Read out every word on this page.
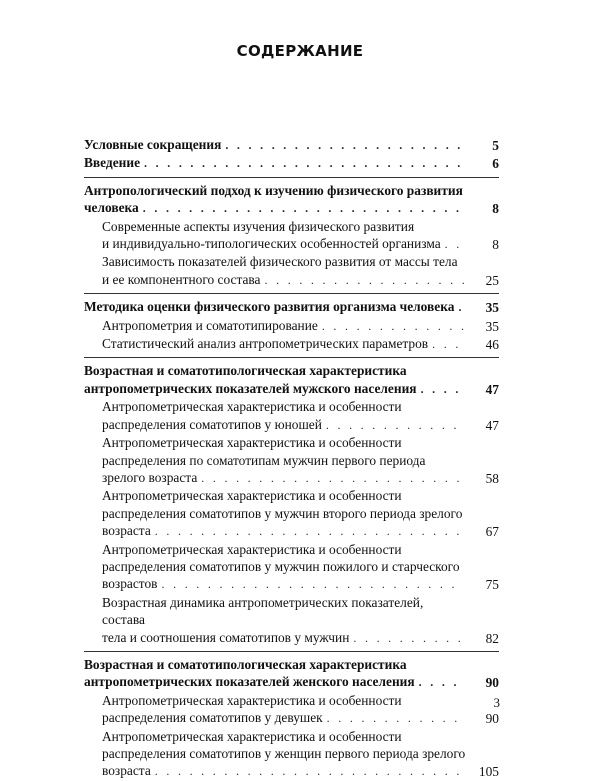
СОДЕРЖАНИЕ
Условные сокращения . . .	5
Введение . . .	6
Антропологический подход к изучению физического развития
человека . . .	8
Современные аспекты изучения физического развития
и индивидуально-типологических особенностей организма . . .	8
Зависимость показателей физического развития от массы тела
и ее компонентного состава . . .	25
Методика оценки физического развития организма человека . . .	35
Антропометрия и соматотипирование . . .	35
Статистический анализ антропометрических параметров . . .	46
Возрастная и соматотипологическая характеристика
антропометрических показателей мужского населения . . .	47
Антропометрическая характеристика и особенности
распределения соматотипов у юношей . . .	47
Антропометрическая характеристика и особенности
распределения по соматотипам мужчин первого периода
зрелого возраста . . .	58
Антропометрическая характеристика и особенности
распределения соматотипов у мужчин второго периода зрелого
возраста . . .	67
Антропометрическая характеристика и особенности
распределения соматотипов у мужчин пожилого и старческого
возрастов . . .	75
Возрастная динамика антропометрических показателей, состава
тела и соотношения соматотипов у мужчин . . .	82
Возрастная и соматотипологическая характеристика
антропометрических показателей женского населения . . .	90
Антропометрическая характеристика и особенности
распределения соматотипов у девушек . . .	90
Антропометрическая характеристика и особенности
распределения соматотипов у женщин первого периода зрелого
возраста . . .	105
3
